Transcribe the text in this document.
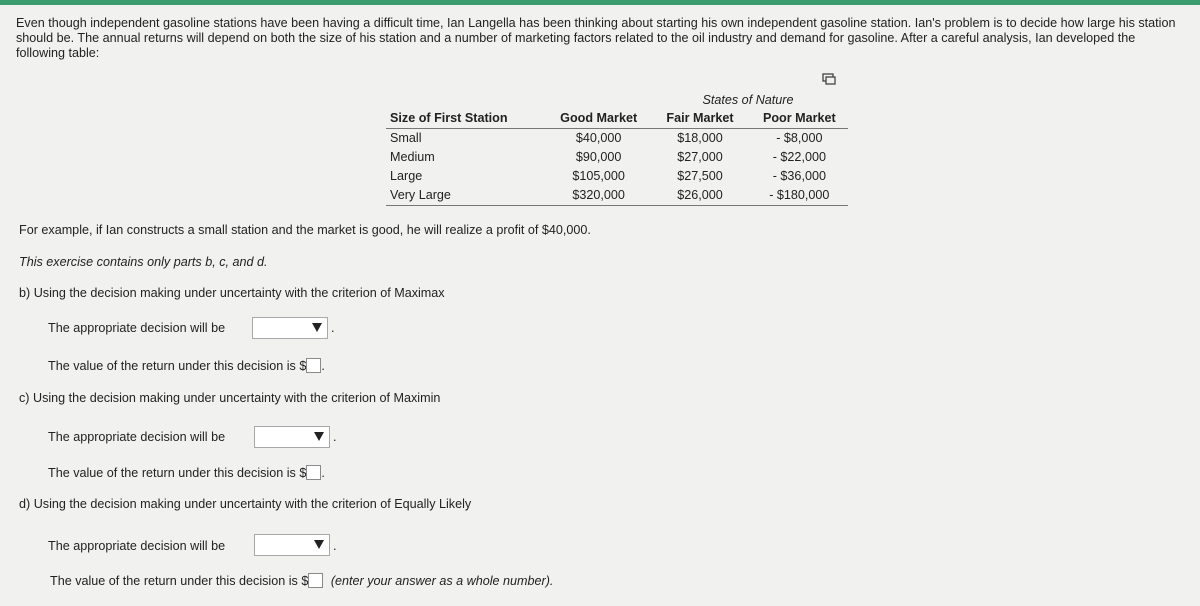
Even though independent gasoline stations have been having a difficult time, Ian Langella has been thinking about starting his own independent gasoline station. Ian's problem is to decide how large his station should be. The annual returns will depend on both the size of his station and a number of marketing factors related to the oil industry and demand for gasoline. After a careful analysis, Ian developed the following table:
	States of Nature		
Size of First Station	Good Market	Fair Market	Poor Market
Small	$40,000	$18,000	- $8,000
Medium	$90,000	$27,000	- $22,000
Large	$105,000	$27,500	- $36,000
Very Large	$320,000	$26,000	- $180,000
For example, if Ian constructs a small station and the market is good, he will realize a profit of $40,000.
This exercise contains only parts b, c, and d.
b) Using the decision making under uncertainty with the criterion of Maximax
The appropriate decision will be	.
The value of the return under this decision is $ .
c) Using the decision making under uncertainty with the criterion of Maximin
The appropriate decision will be	.
The value of the return under this decision is $ .
d) Using the decision making under uncertainty with the criterion of Equally Likely
The appropriate decision will be	.
The value of the return under this decision is $ (enter your answer as a whole number).
